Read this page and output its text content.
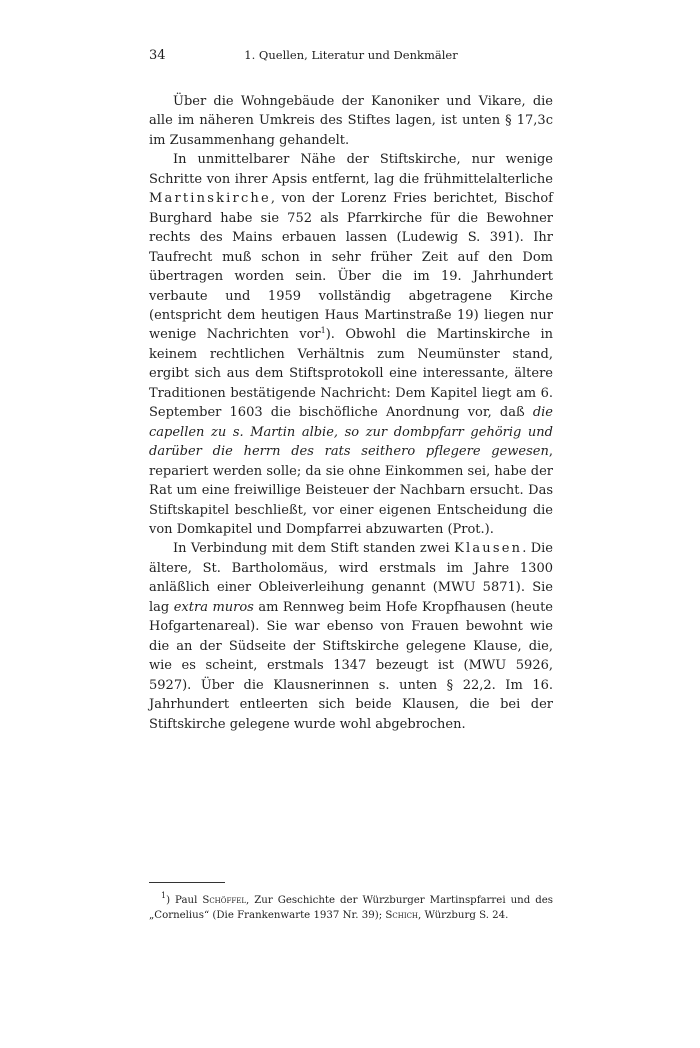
34	1. Quellen, Literatur und Denkmäler

Über die Wohngebäude der Kanoniker und Vikare, die alle im näheren Umkreis des Stiftes lagen, ist unten § 17,3c im Zusammenhang gehandelt.

In unmittelbarer Nähe der Stiftskirche, nur wenige Schritte von ihrer Apsis entfernt, lag die frühmittelalterliche Martinskirche, von der Lorenz Fries berichtet, Bischof Burghard habe sie 752 als Pfarrkirche für die Bewohner rechts des Mains erbauen lassen (Ludewig S. 391). Ihr Taufrecht muß schon in sehr früher Zeit auf den Dom übertragen worden sein. Über die im 19. Jahrhundert verbaute und 1959 vollständig abgetragene Kirche (entspricht dem heutigen Haus Martinstraße 19) liegen nur wenige Nachrichten vor$^1$). Obwohl die Martinskirche in keinem rechtlichen Verhältnis zum Neumünster stand, ergibt sich aus dem Stiftsprotokoll eine interessante, ältere Traditionen bestätigende Nachricht: Dem Kapitel liegt am 6. September 1603 die bischöfliche Anordnung vor, daß die capellen zu s. Martin albie, so zur dombpfarr gehörig und darüber die herrn des rats seithero pflegere gewesen, repariert werden solle; da sie ohne Einkommen sei, habe der Rat um eine freiwillige Beisteuer der Nachbarn ersucht. Das Stiftskapitel beschließt, vor einer eigenen Entscheidung die von Domkapitel und Dompfarrei abzuwarten (Prot.).

In Verbindung mit dem Stift standen zwei Klausen. Die ältere, St. Bartholomäus, wird erstmals im Jahre 1300 anläßlich einer Obleiverleihung genannt (MWU 5871). Sie lag extra muros am Rennweg beim Hofe Kropfhausen (heute Hofgartenareal). Sie war ebenso von Frauen bewohnt wie die an der Südseite der Stiftskirche gelegene Klause, die, wie es scheint, erstmals 1347 bezeugt ist (MWU 5926, 5927). Über die Klausnerinnen s. unten § 22,2. Im 16. Jahrhundert entleerten sich beide Klausen, die bei der Stiftskirche gelegene wurde wohl abgebrochen.

$^1$) Paul Schöffel, Zur Geschichte der Würzburger Martinspfarrei und des „Cornelius“ (Die Frankenwarte 1937 Nr. 39); Schich, Würzburg S. 24.
